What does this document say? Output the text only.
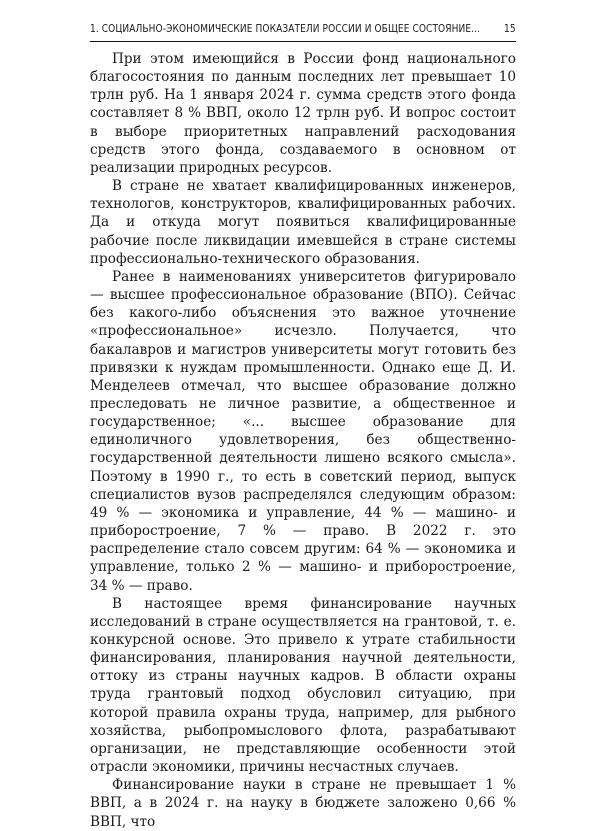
1. СОЦИАЛЬНО-ЭКОНОМИЧЕСКИЕ ПОКАЗАТЕЛИ РОССИИ И ОБЩЕЕ СОСТОЯНИЕ... 15

При этом имеющийся в России фонд национального благосостояния по данным последних лет превышает 10 трлн руб. На 1 января 2024 г. сумма средств этого фонда составляет 8 % ВВП, около 12 трлн руб. И вопрос состоит в выборе приоритетных направлений расходования средств этого фонда, создаваемого в основном от реализации природных ресурсов.

В стране не хватает квалифицированных инженеров, технологов, конструкторов, квалифицированных рабочих. Да и откуда могут появиться квалифицированные рабочие после ликвидации имевшейся в стране системы профессионально-технического образования.

Ранее в наименованиях университетов фигурировало — высшее профессиональное образование (ВПО). Сейчас без какого-либо объяснения это важное уточнение «профессиональное» исчезло. Получается, что бакалавров и магистров университеты могут готовить без привязки к нуждам промышленности. Однако еще Д. И. Менделеев отмечал, что высшее образование должно преследовать не личное развитие, а общественное и государственное; «... высшее образование для единоличного удовлетворения, без общественно-государственной деятельности лишено всякого смысла». Поэтому в 1990 г., то есть в советский период, выпуск специалистов вузов распределялся следующим образом: 49 % — экономика и управление, 44 % — машино- и приборостроение, 7 % — право. В 2022 г. это распределение стало совсем другим: 64 % — экономика и управление, только 2 % — машино- и приборостроение, 34 % — право.

В настоящее время финансирование научных исследований в стране осуществляется на грантовой, т. е. конкурсной основе. Это привело к утрате стабильности финансирования, планирования научной деятельности, оттоку из страны научных кадров. В области охраны труда грантовый подход обусловил ситуацию, при которой правила охраны труда, например, для рыбного хозяйства, рыбопромыслового флота, разрабатывают организации, не представляющие особенности этой отрасли экономики, причины несчастных случаев.

Финансирование науки в стране не превышает 1 % ВВП, а в 2024 г. на науку в бюджете заложено 0,66 % ВВП, что
